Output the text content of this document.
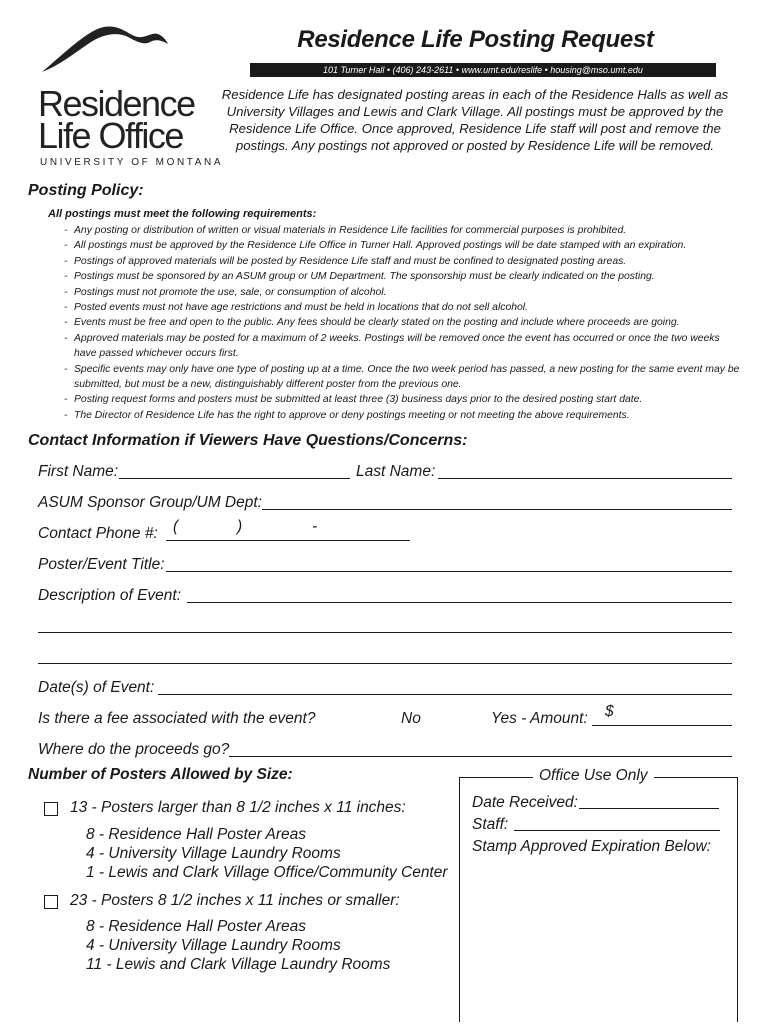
Residence
Life Office
UNIVERSITY OF MONTANA
Residence Life Posting Request
101 Turner Hall • (406) 243-2611 • www.umt.edu/reslife • housing@mso.umt.edu
Residence Life has designated posting areas in each of the Residence Halls as well as University Villages and Lewis and Clark Village. All postings must be approved by the Residence Life Office. Once approved, Residence Life staff will post and remove the postings. Any postings not approved or posted by Residence Life will be removed.
Posting Policy:
All postings must meet the following requirements:
- Any posting or distribution of written or visual materials in Residence Life facilities for commercial purposes is prohibited.
- All postings must be approved by the Residence Life Office in Turner Hall. Approved postings will be date stamped with an expiration.
- Postings of approved materials will be posted by Residence Life staff and must be confined to designated posting areas.
- Postings must be sponsored by an ASUM group or UM Department. The sponsorship must be clearly indicated on the posting.
- Postings must not promote the use, sale, or consumption of alcohol.
- Posted events must not have age restrictions and must be held in locations that do not sell alcohol.
- Events must be free and open to the public. Any fees should be clearly stated on the posting and include where proceeds are going.
- Approved materials may be posted for a maximum of 2 weeks. Postings will be removed once the event has occurred or once the two weeks have passed whichever occurs first.
- Specific events may only have one type of posting up at a time. Once the two week period has passed, a new posting for the same event may be submitted, but must be a new, distinguishably different poster from the previous one.
- Posting request forms and posters must be submitted at least three (3) business days prior to the desired posting start date.
- The Director of Residence Life has the right to approve or deny postings meeting or not meeting the above requirements.
Contact Information if Viewers Have Questions/Concerns:
First Name:	Last Name:
ASUM Sponsor Group/UM Dept:
Contact Phone #: (	)	-
Poster/Event Title:
Description of Event:
Date(s) of Event:
Is there a fee associated with the event?	No	Yes - Amount: $
Where do the proceeds go?
Number of Posters Allowed by Size:
13 - Posters larger than 8 1/2 inches x 11 inches:
8 - Residence Hall Poster Areas
4 - University Village Laundry Rooms
1 - Lewis and Clark Village Office/Community Center
23 - Posters 8 1/2 inches x 11 inches or smaller:
8 - Residence Hall Poster Areas
4 - University Village Laundry Rooms
11 - Lewis and Clark Village Laundry Rooms
Office Use Only
Date Received:
Staff:
Stamp Approved Expiration Below:
